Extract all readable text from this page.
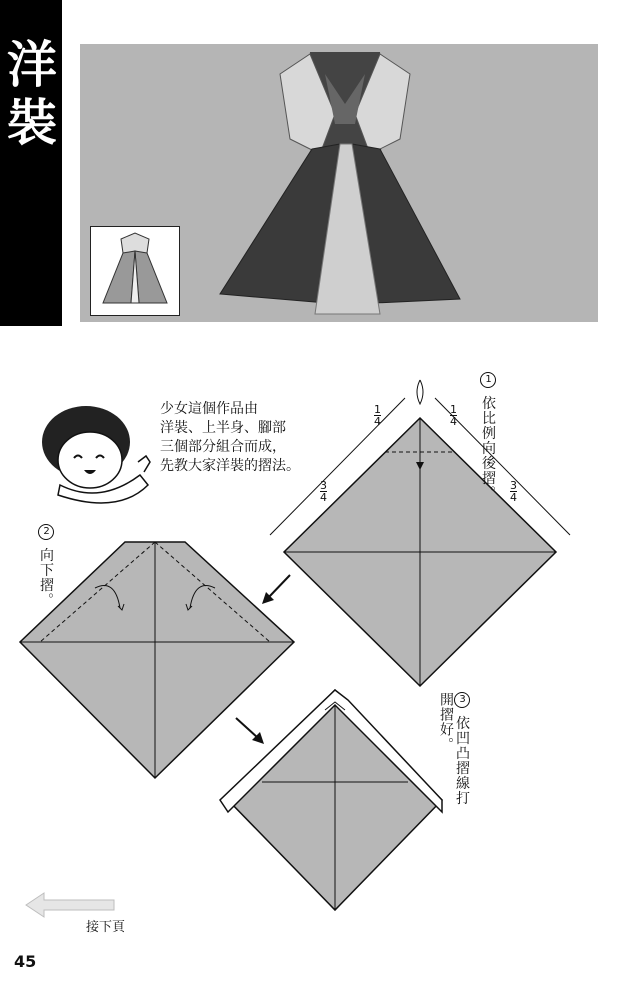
洋裝
少女這個作品由
洋裝、上半身、腳部
三個部分組合而成，
先教大家洋裝的摺法。
$\frac{1}{4}$	$\frac{1}{4}$
$\frac{3}{4}$	$\frac{3}{4}$
1 依比例向後摺。
2 向下摺。
3 依凹凸摺線打開摺好。
接下頁
45
